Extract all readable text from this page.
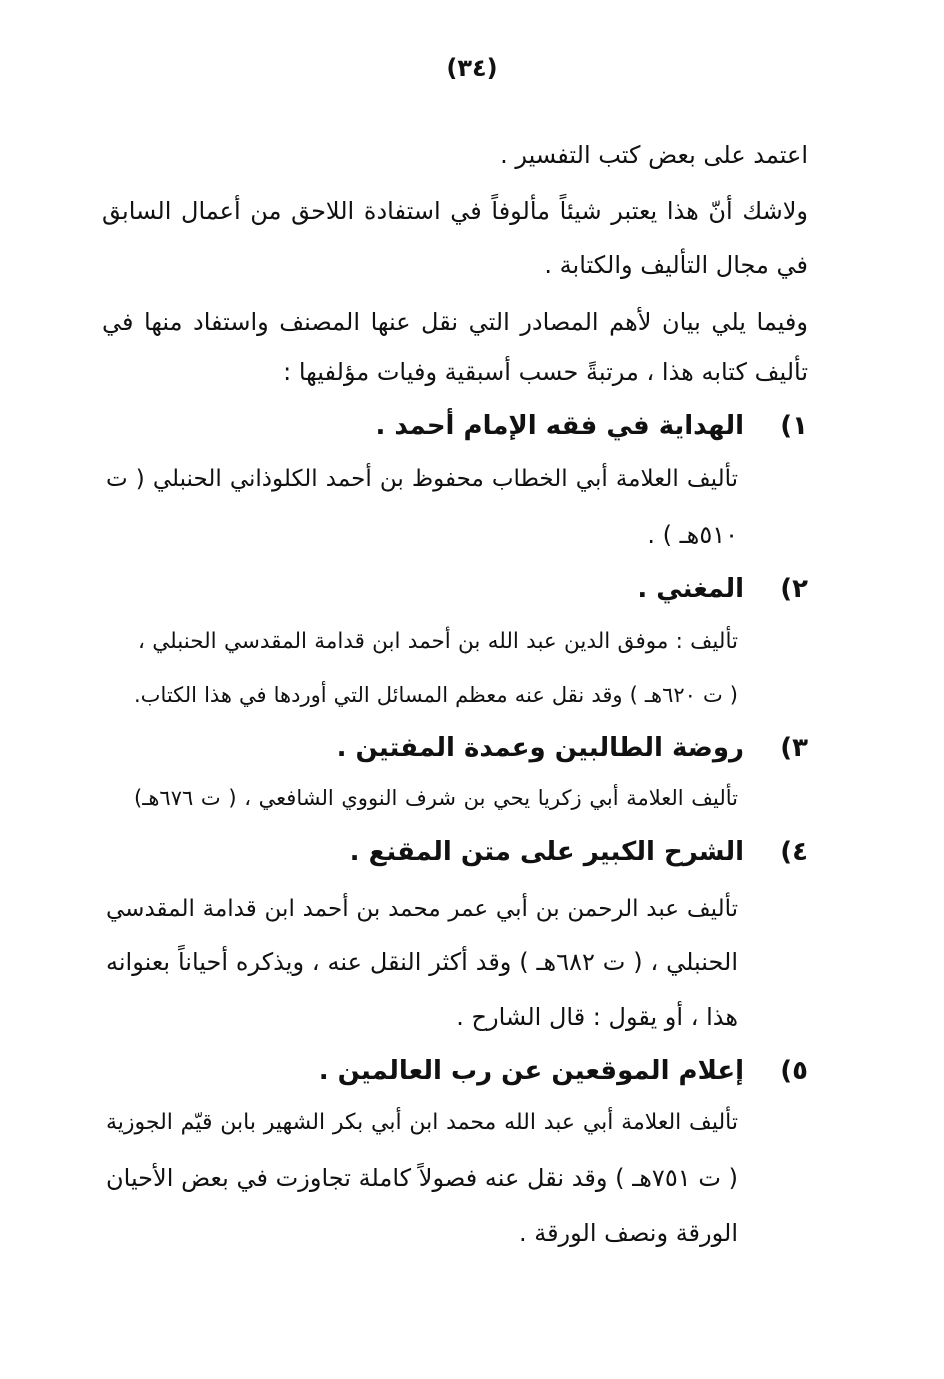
(٣٤)
اعتمد على بعض كتب التفسير .
ولاشك أنّ هذا يعتبر شيئاً مألوفاً في استفادة اللاحق من أعمال السابق
في مجال التأليف والكتابة .
وفيما يلي بيان لأهم المصادر التي نقل عنها المصنف واستفاد منها في
تأليف كتابه هذا ، مرتبةً حسب أسبقية وفيات مؤلفيها :
١)الهداية في فقه الإمام أحمد .
تأليف العلامة أبي الخطاب محفوظ بن أحمد الكلوذاني الحنبلي ( ت
٥١٠هـ ) .
٢)المغني .
تأليف : موفق الدين عبد الله بن أحمد ابن قدامة المقدسي الحنبلي ،
( ت ٦٢٠هـ ) وقد نقل عنه معظم المسائل التي أوردها في هذا الكتاب.
٣)روضة الطالبين وعمدة المفتين .
تأليف العلامة أبي زكريا يحي بن شرف النووي الشافعي ، ( ت ٦٧٦هـ)
٤)الشرح الكبير على متن المقنع .
تأليف عبد الرحمن بن أبي عمر محمد بن أحمد ابن قدامة المقدسي
الحنبلي ، ( ت ٦٨٢هـ ) وقد أكثر النقل عنه ، ويذكره أحياناً بعنوانه
هذا ، أو يقول : قال الشارح .
٥)إعلام الموقعين عن رب العالمين .
تأليف العلامة أبي عبد الله محمد ابن أبي بكر الشهير بابن قيّم الجوزية
( ت ٧٥١هـ ) وقد نقل عنه فصولاً كاملة تجاوزت في بعض الأحيان
الورقة ونصف الورقة .
